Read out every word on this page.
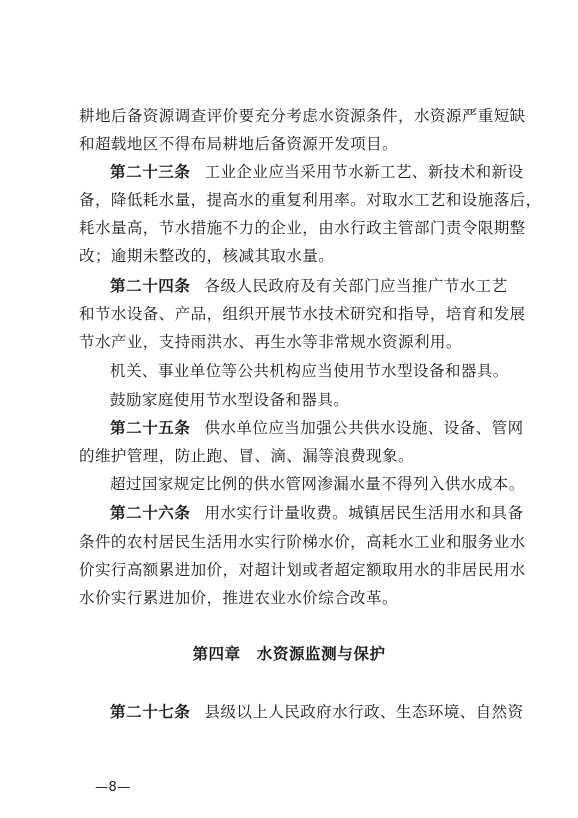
耕地后备资源调查评价要充分考虑水资源条件，水资源严重短缺
和超载地区不得布局耕地后备资源开发项目。
第二十三条 工业企业应当采用节水新工艺、新技术和新设
备，降低耗水量，提高水的重复利用率。对取水工艺和设施落后，
耗水量高，节水措施不力的企业，由水行政主管部门责令限期整
改；逾期未整改的，核减其取水量。
第二十四条 各级人民政府及有关部门应当推广节水工艺
和节水设备、产品，组织开展节水技术研究和指导，培育和发展
节水产业，支持雨洪水、再生水等非常规水资源利用。
机关、事业单位等公共机构应当使用节水型设备和器具。
鼓励家庭使用节水型设备和器具。
第二十五条 供水单位应当加强公共供水设施、设备、管网
的维护管理，防止跑、冒、滴、漏等浪费现象。
超过国家规定比例的供水管网渗漏水量不得列入供水成本。
第二十六条 用水实行计量收费。城镇居民生活用水和具备
条件的农村居民生活用水实行阶梯水价，高耗水工业和服务业水
价实行高额累进加价，对超计划或者超定额取用水的非居民用水
水价实行累进加价，推进农业水价综合改革。
第四章 水资源监测与保护
第二十七条 县级以上人民政府水行政、生态环境、自然资
—8—
